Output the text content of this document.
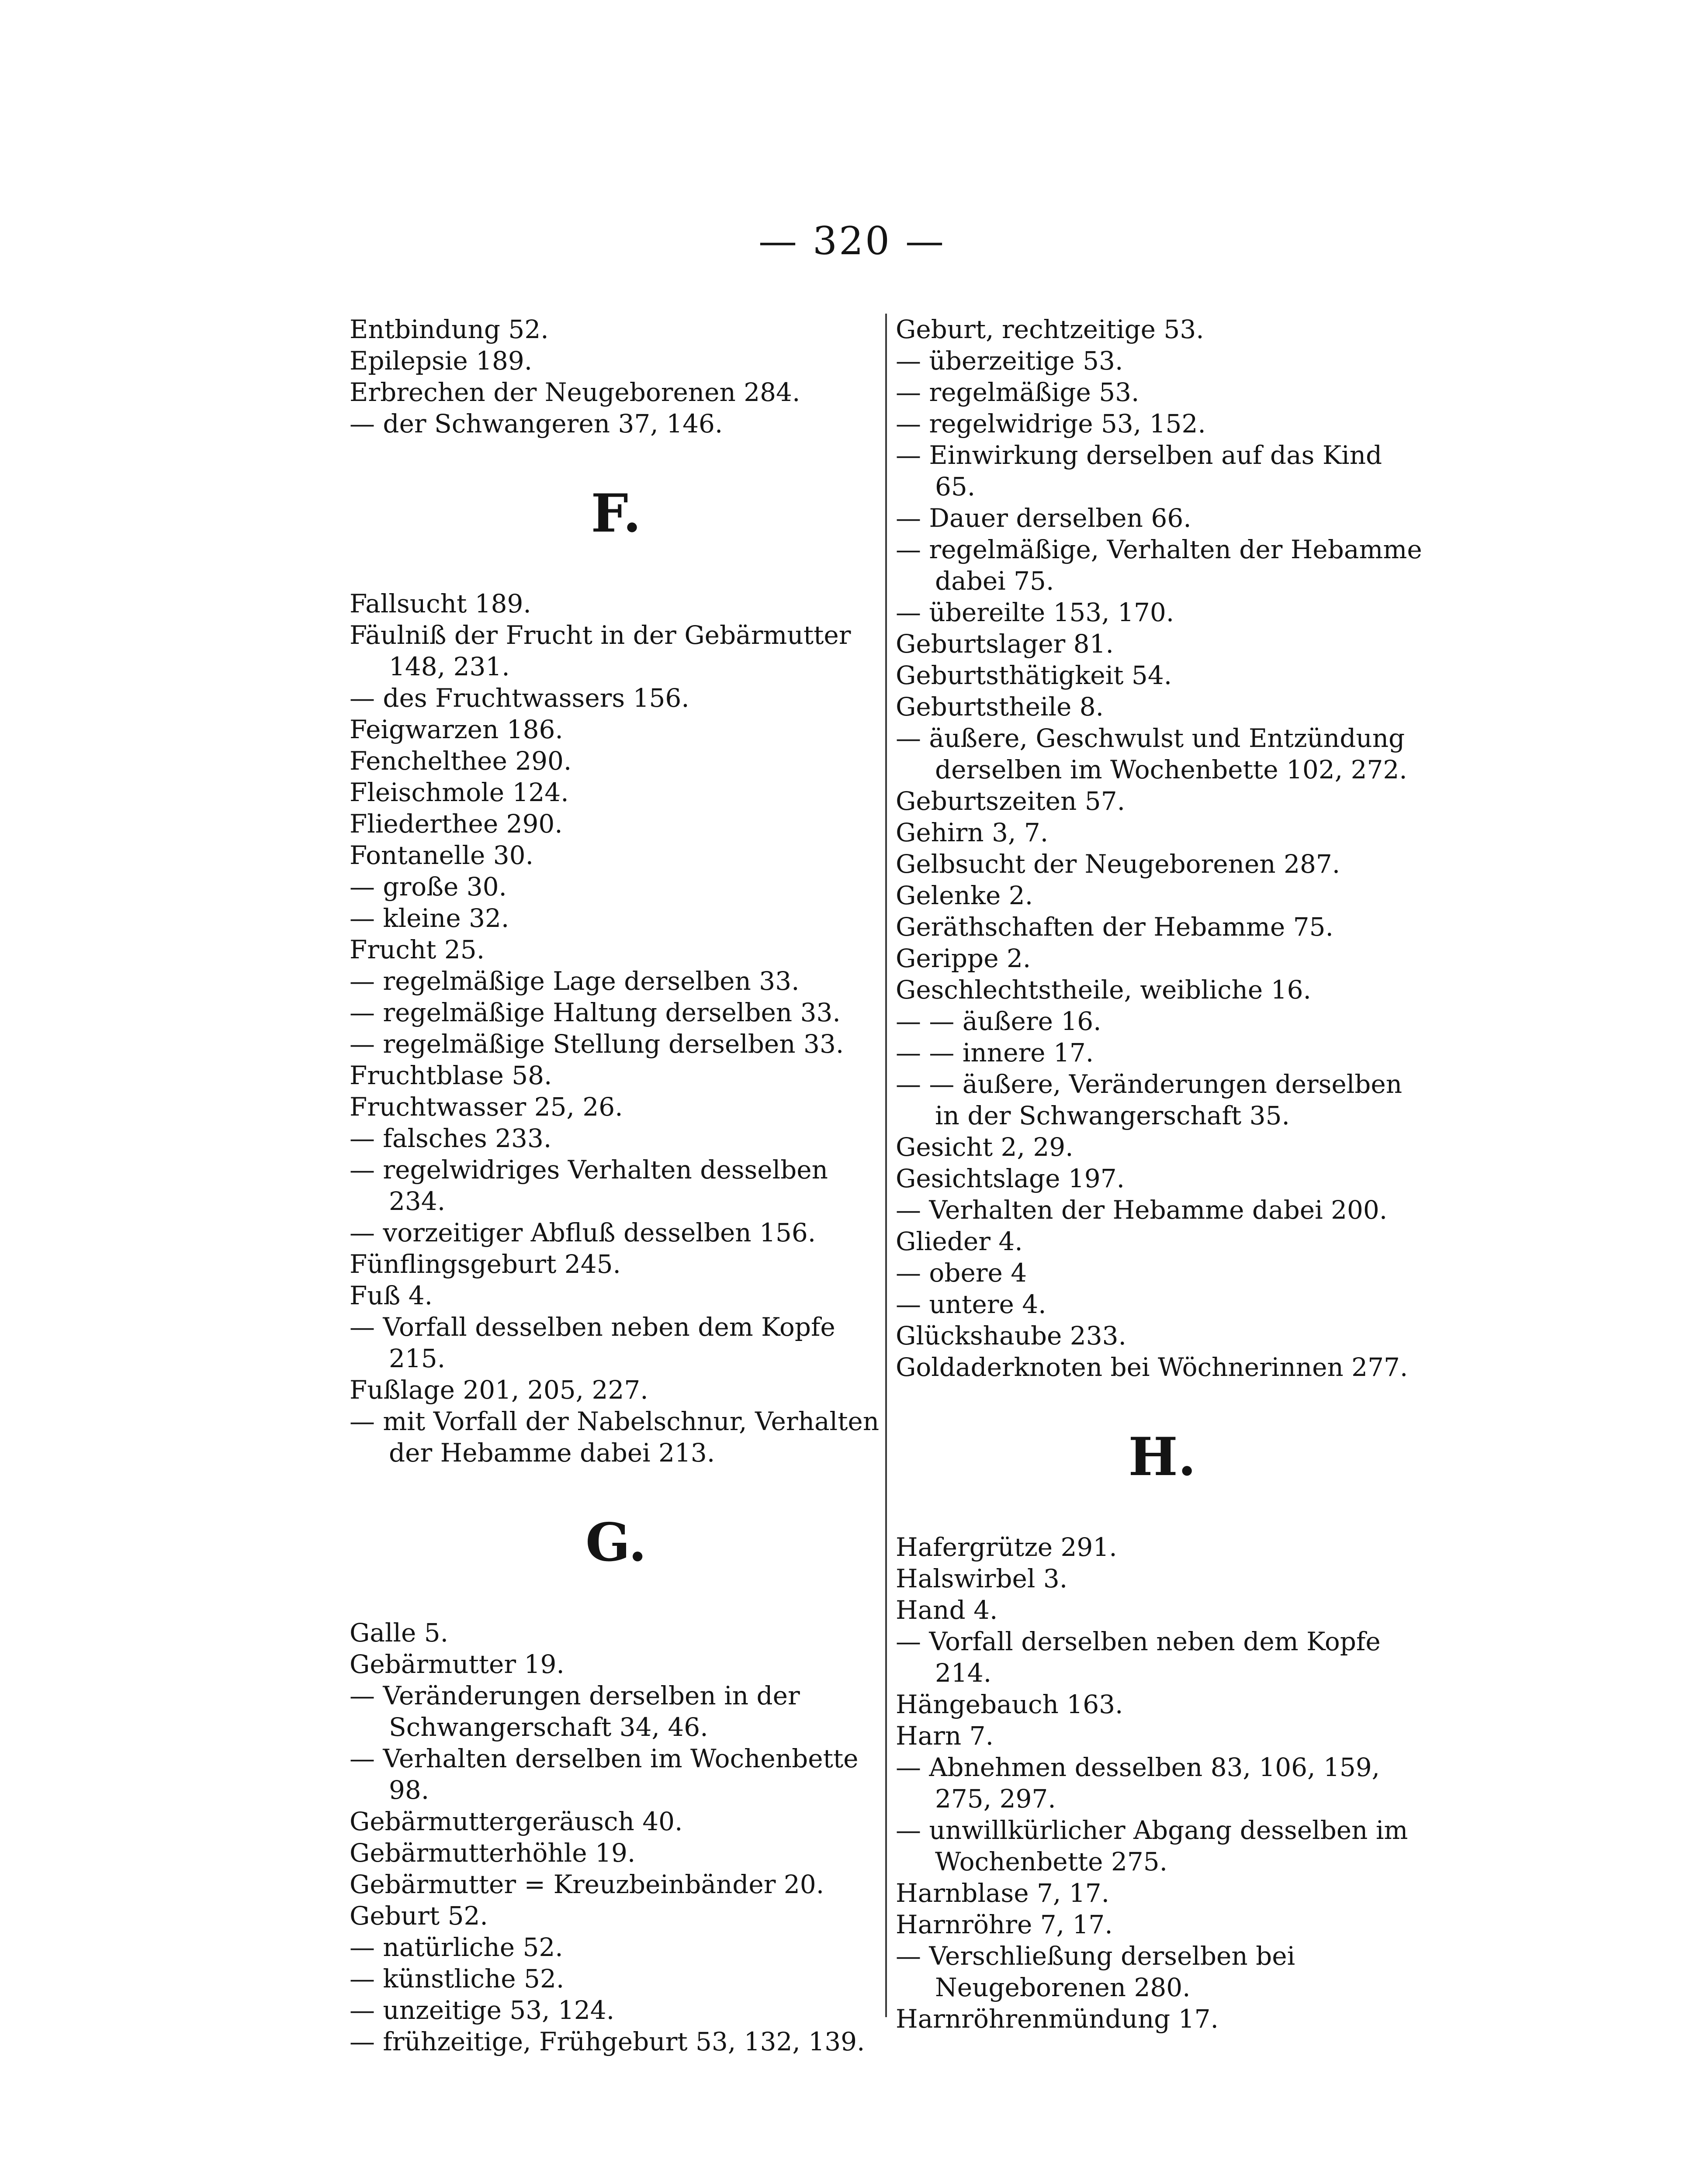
— 320 —

Entbindung 52.

Epilepsie 189.

Erbrechen der Neugeborenen 284.

— der Schwangeren 37, 146.

F.

Fallsucht 189.

Fäulniß der Frucht in der Gebärmutter 148, 231.

— des Fruchtwassers 156.

Feigwarzen 186.

Fenchelthee 290.

Fleischmole 124.

Fliederthee 290.

Fontanelle 30.

— große 30.

— kleine 32.

Frucht 25.

— regelmäßige Lage derselben 33.

— regelmäßige Haltung derselben 33.

— regelmäßige Stellung derselben 33.

Fruchtblase 58.

Fruchtwasser 25, 26.

— falsches 233.

— regelwidriges Verhalten desselben 234.

— vorzeitiger Abfluß desselben 156.

Fünflingsgeburt 245.

Fuß 4.

— Vorfall desselben neben dem Kopfe 215.

Fußlage 201, 205, 227.

— mit Vorfall der Nabelschnur, Verhalten der Hebamme dabei 213.

G.

Galle 5.

Gebärmutter 19.

— Veränderungen derselben in der Schwangerschaft 34, 46.

— Verhalten derselben im Wochenbette 98.

Gebärmuttergeräusch 40.

Gebärmutterhöhle 19.

Gebärmutter = Kreuzbeinbänder 20.

Geburt 52.

— natürliche 52.

— künstliche 52.

— unzeitige 53, 124.

— frühzeitige, Frühgeburt 53, 132, 139.

Geburt, rechtzeitige 53.

— überzeitige 53.

— regelmäßige 53.

— regelwidrige 53, 152.

— Einwirkung derselben auf das Kind 65.

— Dauer derselben 66.

— regelmäßige, Verhalten der Hebamme dabei 75.

— übereilte 153, 170.

Geburtslager 81.

Geburtsthätigkeit 54.

Geburtstheile 8.

— äußere, Geschwulst und Entzündung derselben im Wochenbette 102, 272.

Geburtszeiten 57.

Gehirn 3, 7.

Gelbsucht der Neugeborenen 287.

Gelenke 2.

Geräthschaften der Hebamme 75.

Gerippe 2.

Geschlechtstheile, weibliche 16.

— — äußere 16.

— — innere 17.

— — äußere, Veränderungen derselben in der Schwangerschaft 35.

Gesicht 2, 29.

Gesichtslage 197.

— Verhalten der Hebamme dabei 200.

Glieder 4.

— obere 4

— untere 4.

Glückshaube 233.

Goldaderknoten bei Wöchnerinnen 277.

H.

Hafergrütze 291.

Halswirbel 3.

Hand 4.

— Vorfall derselben neben dem Kopfe 214.

Hängebauch 163.

Harn 7.

— Abnehmen desselben 83, 106, 159, 275, 297.

— unwillkürlicher Abgang desselben im Wochenbette 275.

Harnblase 7, 17.

Harnröhre 7, 17.

— Verschließung derselben bei Neugeborenen 280.

Harnröhrenmündung 17.
